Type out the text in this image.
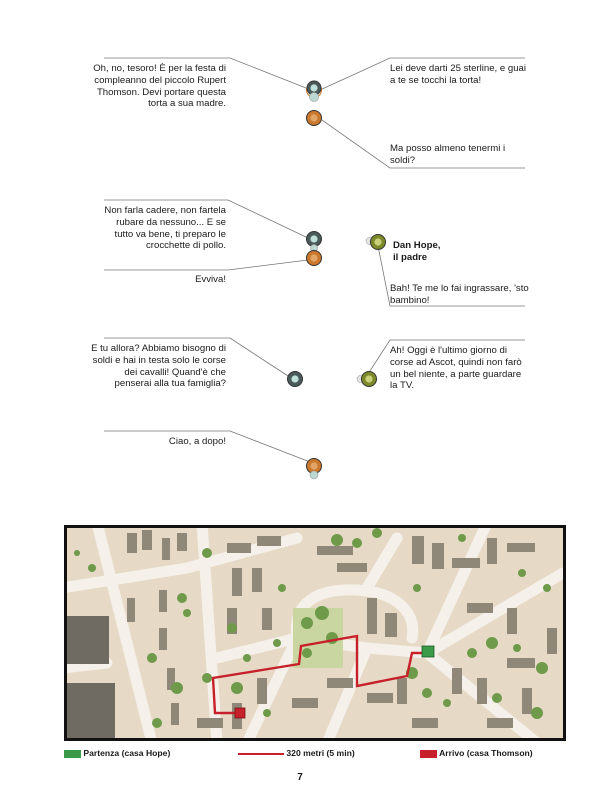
Oh, no, tesoro! È per la festa di compleanno del piccolo Rupert Thomson. Devi portare questa torta a sua madre.

Lei deve darti 25 sterline, e guai a te se tocchi la torta!

Ma posso almeno tenermi i soldi?

Non farla cadere, non fartela rubare da nessuno... E se tutto va bene, ti preparo le crocchette di pollo.

Evviva!

Bah! Te me lo fai ingrassare, 'sto bambino!

E tu allora? Abbiamo bisogno di soldi e hai in testa solo le corse dei cavalli! Quand'è che penserai alla tua famiglia?

Ah! Oggi è l'ultimo giorno di corse ad Ascot, quindi non farò un bel niente, a parte guardare la TV.

Ciao, a dopo!

Dan Hope,
il padre
Partenza (casa Hope)	320 metri (5 min)	Arrivo (casa Thomson)
7
